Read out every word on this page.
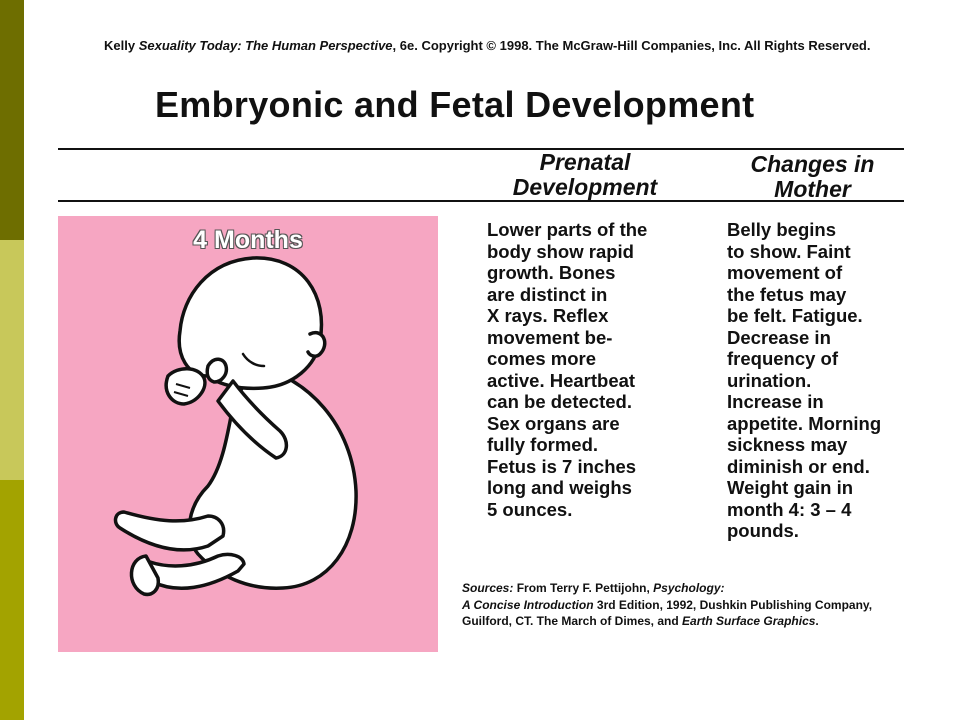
Kelly Sexuality Today: The Human Perspective, 6e. Copyright © 1998. The McGraw-Hill Companies, Inc. All Rights Reserved.
Embryonic and Fetal Development
Prenatal
Development
Changes in
Mother
4 Months	Lower parts of the
body show rapid
growth. Bones
are distinct in
X rays. Reflex
movement be-
comes more
active. Heartbeat
can be detected.
Sex organs are
fully formed.
Fetus is 7 inches
long and weighs
5 ounces.

Belly begins
to show. Faint
movement of
the fetus may
be felt. Fatigue.
Decrease in
frequency of
urination.
Increase in
appetite. Morning
sickness may
diminish or end.
Weight gain in
month 4: 3 – 4
pounds.

Sources: From Terry F. Pettijohn, Psychology:
A Concise Introduction 3rd Edition, 1992, Dushkin Publishing Company, Guilford, CT. The March of Dimes, and Earth Surface Graphics.
